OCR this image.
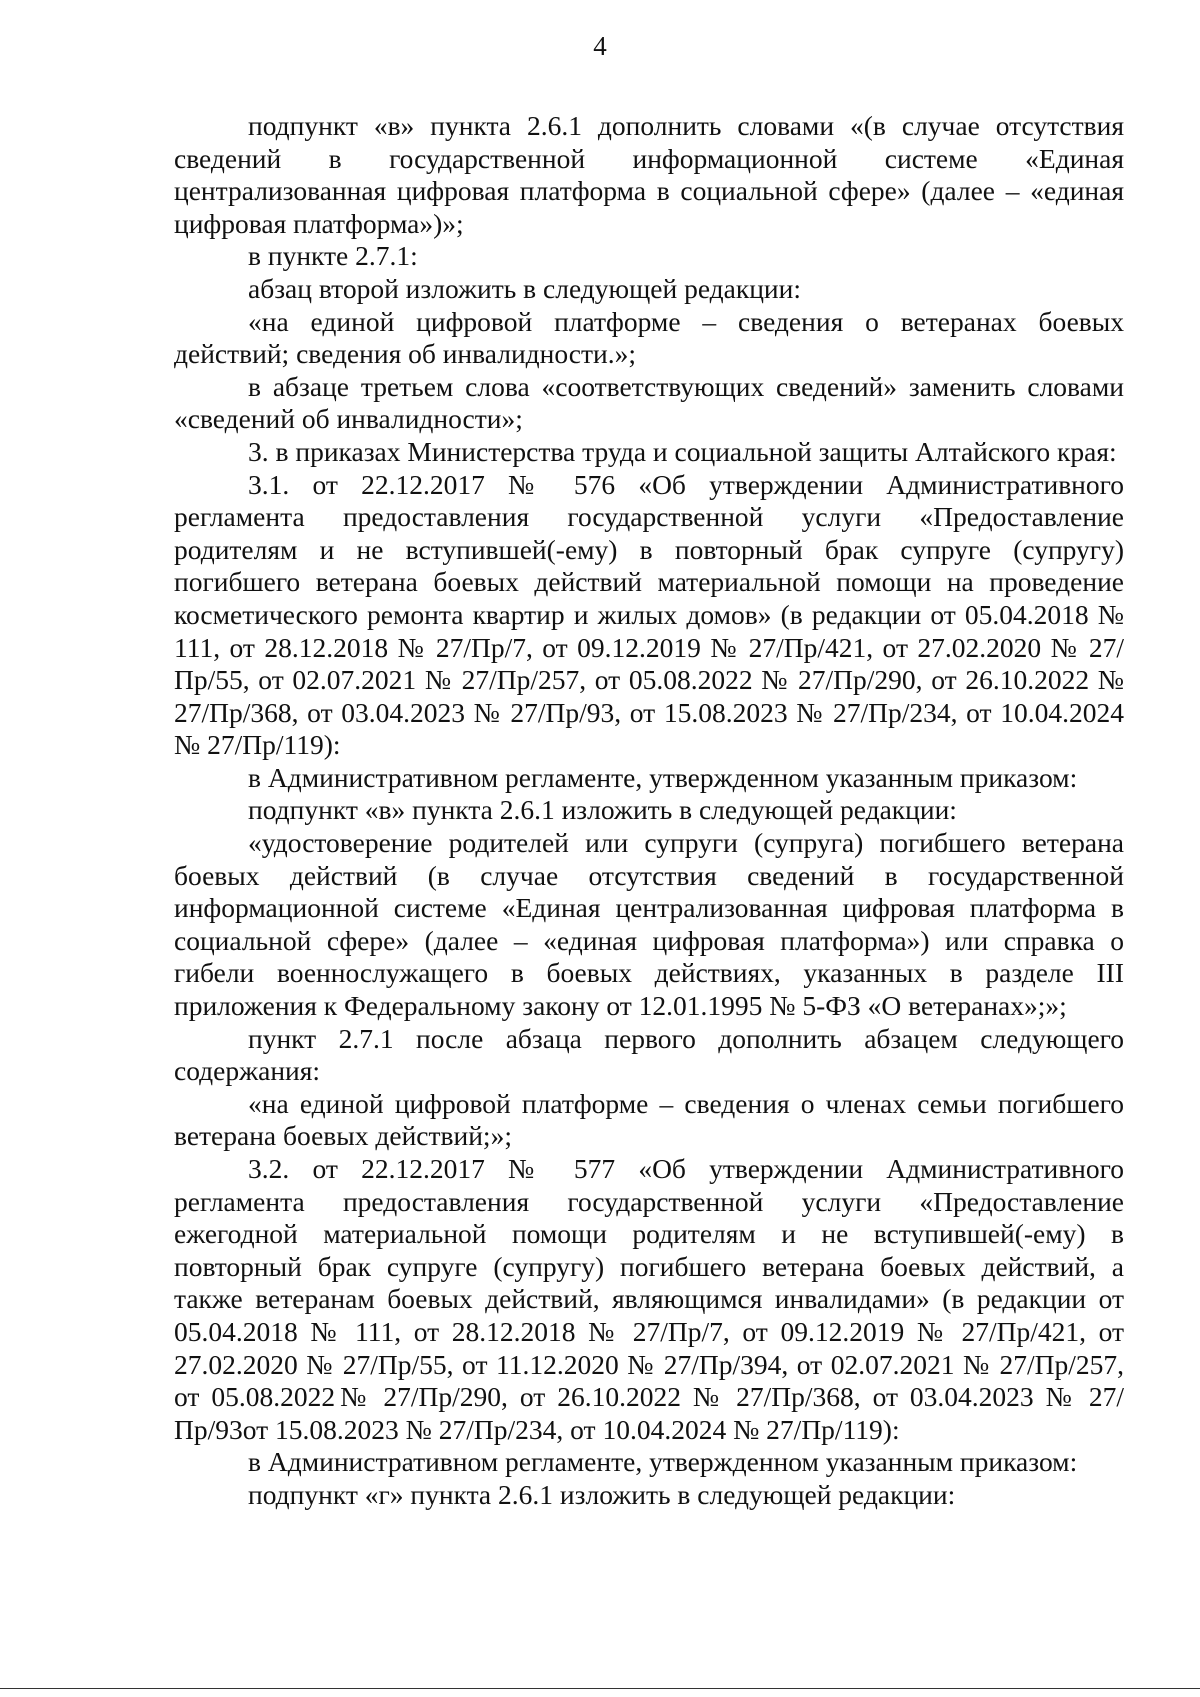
4

подпункт «в» пункта 2.6.1 дополнить словами «(в случае отсутствия сведений в государственной информационной системе «Единая централизованная цифровая платформа в социальной сфере» (далее – «единая цифровая платформа»)»;

в пункте 2.7.1:

абзац второй изложить в следующей редакции:

«на единой цифровой платформе – сведения о ветеранах боевых действий; сведения об инвалидности.»;

в абзаце третьем слова «соответствующих сведений» заменить словами «сведений об инвалидности»;

3. в приказах Министерства труда и социальной защиты Алтайского края:

3.1. от 22.12.2017 № 576 «Об утверждении Административного регламента предоставления государственной услуги «Предоставление родителям и не вступившей(-ему) в повторный брак супруге (супругу) погибшего ветерана боевых действий материальной помощи на проведение косметического ремонта квартир и жилых домов» (в редакции от 05.04.2018 № 111, от 28.12.2018 № 27/Пр/7, от 09.12.2019 № 27/Пр/421, от 27.02.2020 № 27/Пр/55, от 02.07.2021 № 27/Пр/257, от 05.08.2022 № 27/Пр/290, от 26.10.2022 № 27/Пр/368, от 03.04.2023 № 27/Пр/93, от 15.08.2023 № 27/Пр/234, от 10.04.2024 № 27/Пр/119):

в Административном регламенте, утвержденном указанным приказом:

подпункт «в» пункта 2.6.1 изложить в следующей редакции:

«удостоверение родителей или супруги (супруга) погибшего ветерана боевых действий (в случае отсутствия сведений в государственной информационной системе «Единая централизованная цифровая платформа в социальной сфере» (далее – «единая цифровая платформа») или справка о гибели военнослужащего в боевых действиях, указанных в разделе III приложения к Федеральному закону от 12.01.1995 № 5-ФЗ «О ветеранах»;»;

пункт 2.7.1 после абзаца первого дополнить абзацем следующего содержания:

«на единой цифровой платформе – сведения о членах семьи погибшего ветерана боевых действий;»;

3.2. от 22.12.2017 № 577 «Об утверждении Административного регламента предоставления государственной услуги «Предоставление ежегодной материальной помощи родителям и не вступившей(-ему) в повторный брак супруге (супругу) погибшего ветерана боевых действий, а также ветеранам боевых действий, являющимся инвалидами» (в редакции от 05.04.2018 № 111, от 28.12.2018 № 27/Пр/7, от 09.12.2019 № 27/Пр/421, от 27.02.2020 № 27/Пр/55, от 11.12.2020 № 27/Пр/394, от 02.07.2021 № 27/Пр/257, от 05.08.2022№ 27/Пр/290, от 26.10.2022 № 27/Пр/368, от 03.04.2023 № 27/Пр/93от 15.08.2023 № 27/Пр/234, от 10.04.2024 № 27/Пр/119):

в Административном регламенте, утвержденном указанным приказом:

подпункт «г» пункта 2.6.1 изложить в следующей редакции:
